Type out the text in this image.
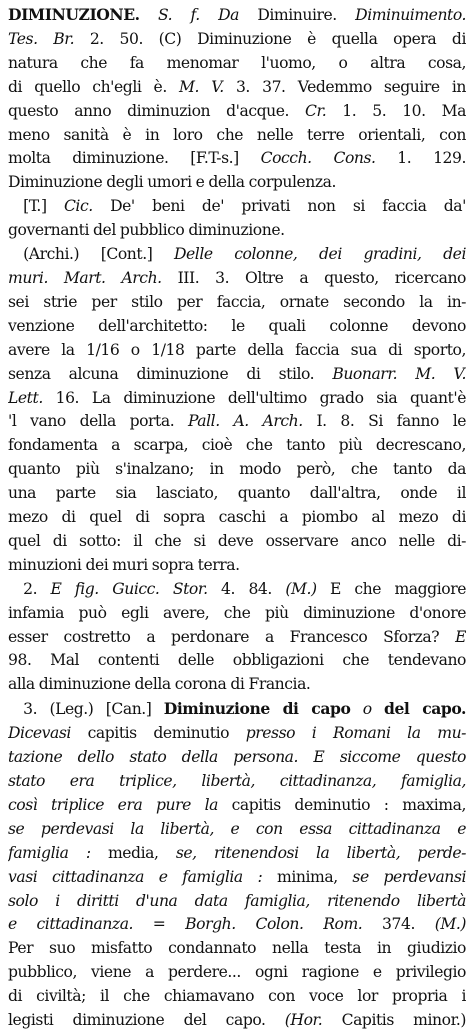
DIMINUZIONE. S. f. Da Diminuire. Diminuimento.
Tes. Br. 2. 50. (C) Diminuzione è quella opera di
natura che fa menomar l'uomo, o altra cosa,
di quello ch'egli è. M. V. 3. 37. Vedemmo seguire in
questo anno diminuzion d'acque. Cr. 1. 5. 10. Ma
meno sanità è in loro che nelle terre orientali, con
molta diminuzione. [F.T-s.] Cocch. Cons. 1. 129.
Diminuzione degli umori e della corpulenza.
 [T.] Cic. De' beni de' privati non si faccia da'
governanti del pubblico diminuzione.
 (Archi.) [Cont.] Delle colonne, dei gradini, dei
muri. Mart. Arch. III. 3. Oltre a questo, ricercano
sei strie per stilo per faccia, ornate secondo la in-
venzione dell'architetto: le quali colonne devono
avere la 1/16 o 1/18 parte della faccia sua di sporto,
senza alcuna diminuzione di stilo. Buonarr. M. V.
Lett. 16. La diminuzione dell'ultimo grado sia quant'è
'l vano della porta. Pall. A. Arch. I. 8. Si fanno le
fondamenta a scarpa, cioè che tanto più decrescano,
quanto più s'inalzano; in modo però, che tanto da
una parte sia lasciato, quanto dall'altra, onde il
mezo di quel di sopra caschi a piombo al mezo di
quel di sotto: il che si deve osservare anco nelle di-
minuzioni dei muri sopra terra.
 2. E fig. Guicc. Stor. 4. 84. (M.) E che maggiore
infamia può egli avere, che più diminuzione d'onore
esser costretto a perdonare a Francesco Sforza? E
98. Mal contenti delle obbligazioni che tendevano
alla diminuzione della corona di Francia.
 3. (Leg.) [Can.] Diminuzione di capo o del capo.
Dicevasi capitis deminutio presso i Romani la mu-
tazione dello stato della persona. E siccome questo
stato era triplice, libertà, cittadinanza, famiglia,
così triplice era pure la capitis deminutio : maxima,
se perdevasi la libertà, e con essa cittadinanza e
famiglia : media, se, ritenendosi la libertà, perde-
vasi cittadinanza e famiglia : minima, se perdevansi
solo i diritti d'una data famiglia, ritenendo libertà
e cittadinanza. = Borgh. Colon. Rom. 374. (M.)
Per suo misfatto condannato nella testa in giudizio
pubblico, viene a perdere... ogni ragione e privilegio
di civiltà; il che chiamavano con voce lor propria i
legisti diminuzione del capo. (Hor. Capitis minor.)
